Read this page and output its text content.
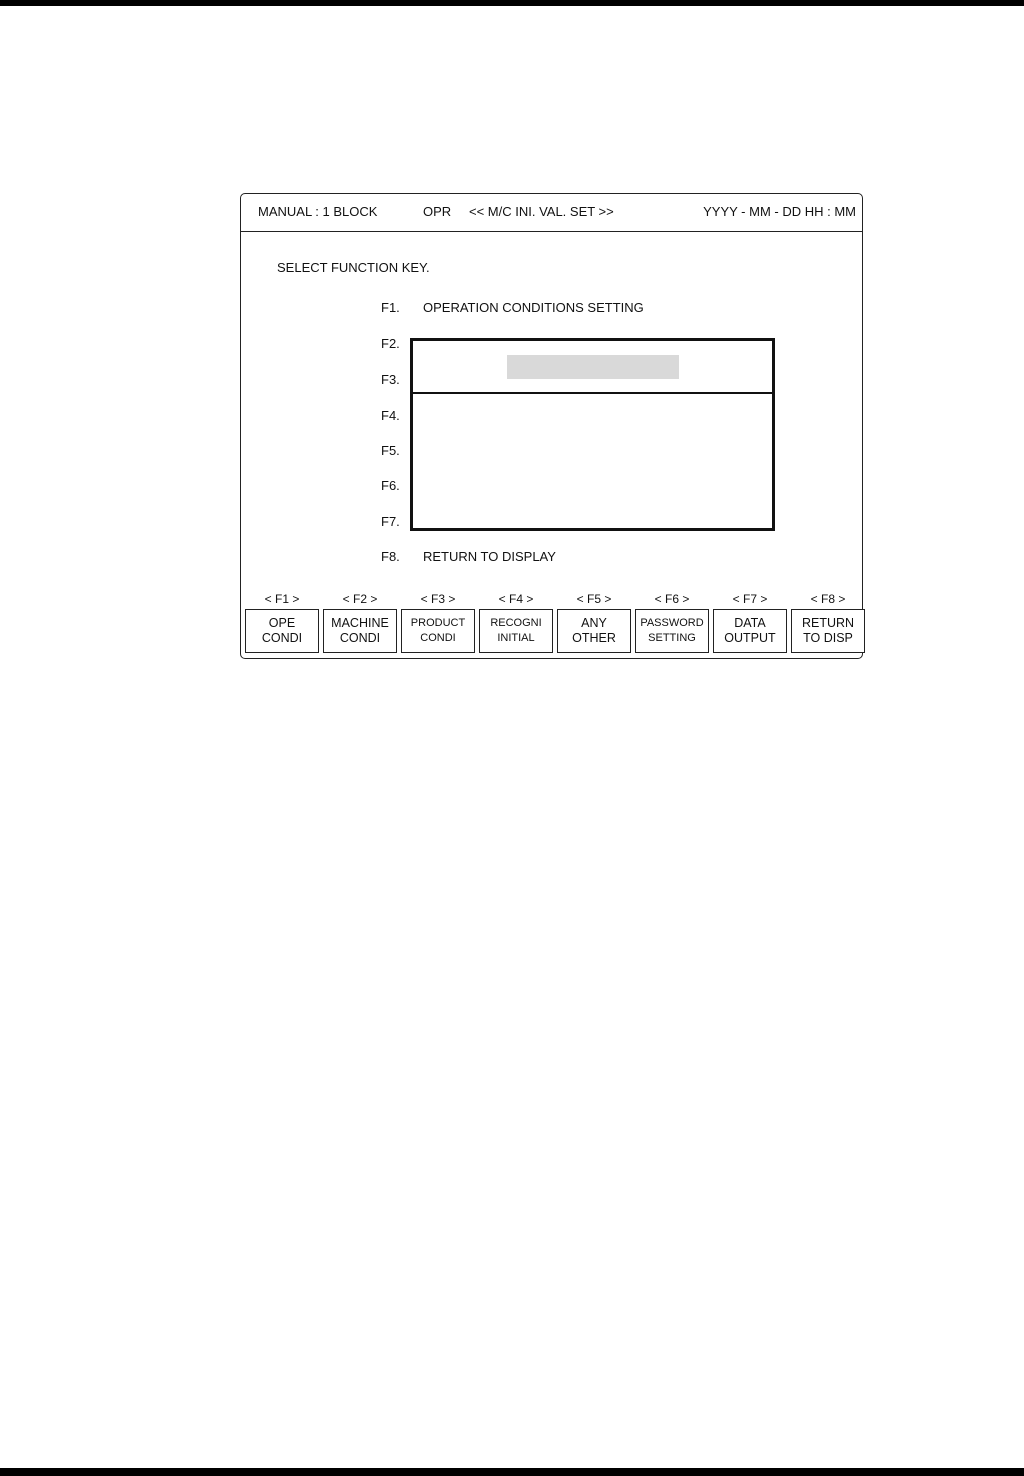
MANUAL : 1 BLOCK	OPR << M/C INI. VAL. SET >>	YYYY - MM - DD HH : MM
SELECT FUNCTION KEY.
F1. OPERATION CONDITIONS SETTING
F2.
F3.
F4.
F5.
F6.
F7.
F8. RETURN TO DISPLAY
< F1 >
OPE
CONDI
< F2 >
MACHINE
CONDI
< F3 >
PRODUCT
CONDI
< F4 >
RECOGNI
INITIAL
< F5 >
ANY
OTHER
< F6 >
PASSWORD
SETTING
< F7 >
DATA
OUTPUT
< F8 >
RETURN
TO DISP
